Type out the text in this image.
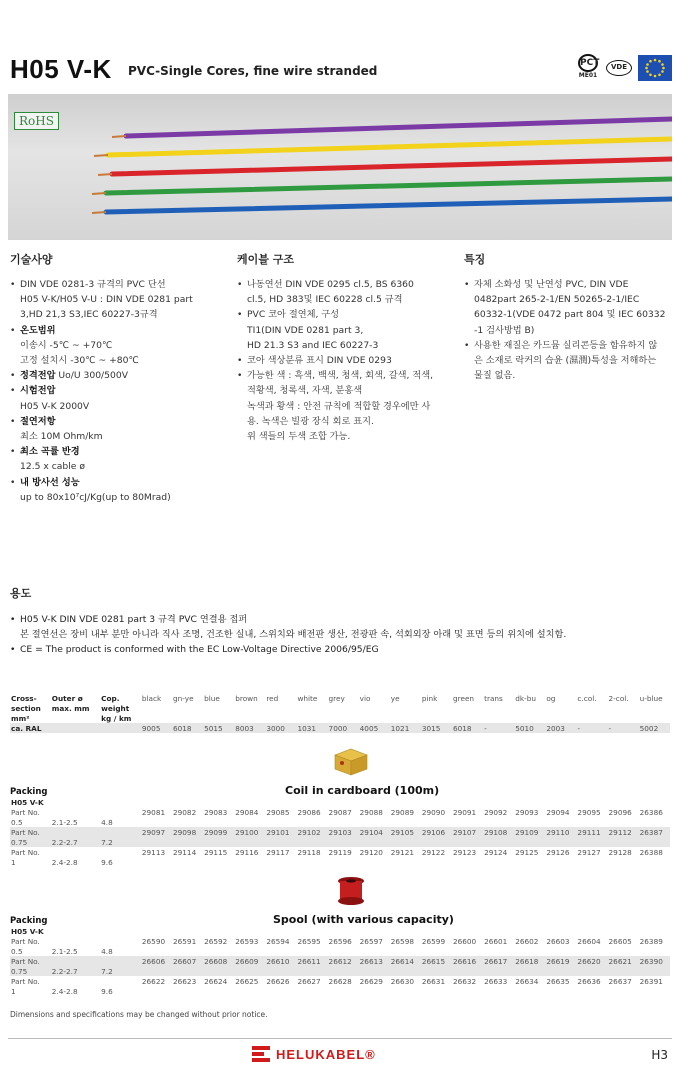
H05 V-K PVC-Single Cores, fine wire stranded
PCT
ME01
VDE
RoHS
기술사양
• DIN VDE 0281-3 규격의 PVC 단선
H05 V-K/H05 V-U : DIN VDE 0281 part
3,HD 21,3 S3,IEC 60227-3규격
• 온도범위
이송시 -5℃ ~ +70℃
고정 설치시 -30℃ ~ +80℃
• 정격전압 Uo/U 300/500V
• 시험전압
H05 V-K 2000V
• 절연저항
최소 10M Ohm/km
• 최소 곡률 반경
12.5 x cable ø
• 내 방사선 성능
up to 80x10⁷cJ/Kg(up to 80Mrad)
케이블 구조
• 나동연선 DIN VDE 0295 cl.5, BS 6360
cl.5, HD 383및 IEC 60228 cl.5 규격
• PVC 코아 절연체, 구성
TI1(DIN VDE 0281 part 3,
HD 21.3 S3 and IEC 60227-3
• 코아 색상분류 표시 DIN VDE 0293
• 가능한 색 : 흑색, 백색, 청색, 회색, 갈색, 적색,
적황색, 청록색, 자색, 분홍색
녹색과 황색 : 안전 규칙에 적합할 경우에만 사
용. 녹색은 빌광 장식 회로 표지.
위 색들의 두색 조합 가능.
특징
• 자체 소화성 및 난연성 PVC, DIN VDE
0482part 265-2-1/EN 50265-2-1/IEC
60332-1(VDE 0472 part 804 및 IEC 60332
-1 검사방법 B)
• 사용한 재질은 카드뮴 실리콘등을 함유하지 않
은 소재로 락커의 습윤 (濕潤)특성을 저해하는
물질 없음.
용도
• H05 V-K DIN VDE 0281 part 3 규격 PVC 연결용 접퍼
본 절연선은 장비 내부 분만 아니라 직사 조명, 건조한 실내, 스위치와 배전판 생산, 전광판 속, 석회외장 아래 및 표면 등의 위치에 설치함.
• CE = The product is conformed with the EC Low-Voltage Directive 2006/95/EG
Cross-	Outer ø	Cop.	black	gn-ye	blue	brown	red	white	grey	vio	ye	pink	green	trans	dk-bu	og	c.col.	2-col.	u-blue
section	max. mm	weight																	
mm²		kg / km																	
ca. RAL			9005	6018	5015	8003	3000	1031	7000	4005	1021	3015	6018	-	5010	2003	-	-	5002
Packing	Coil in cardboard (100m)
H05 V-K																			
Part No.			29081	29082	29083	29084	29085	29086	29087	29088	29089	29090	29091	29092	29093	29094	29095	29096	26386
0.5	2.1-2.5	4.8																	
Part No.			29097	29098	29099	29100	29101	29102	29103	29104	29105	29106	29107	29108	29109	29110	29111	29112	26387
0.75	2.2-2.7	7.2																	
Part No.			29113	29114	29115	29116	29117	29118	29119	29120	29121	29122	29123	29124	29125	29126	29127	29128	26388
1	2.4-2.8	9.6																	
Packing	Spool (with various capacity)
H05 V-K																			
Part No.			26590	26591	26592	26593	26594	26595	26596	26597	26598	26599	26600	26601	26602	26603	26604	26605	26389
0.5	2.1-2.5	4.8																	
Part No.			26606	26607	26608	26609	26610	26611	26612	26613	26614	26615	26616	26617	26618	26619	26620	26621	26390
0.75	2.2-2.7	7.2																	
Part No.			26622	26623	26624	26625	26626	26627	26628	26629	26630	26631	26632	26633	26634	26635	26636	26637	26391
1	2.4-2.8	9.6																	
Dimensions and specifications may be changed without prior notice.
HELUKABEL®	H3
